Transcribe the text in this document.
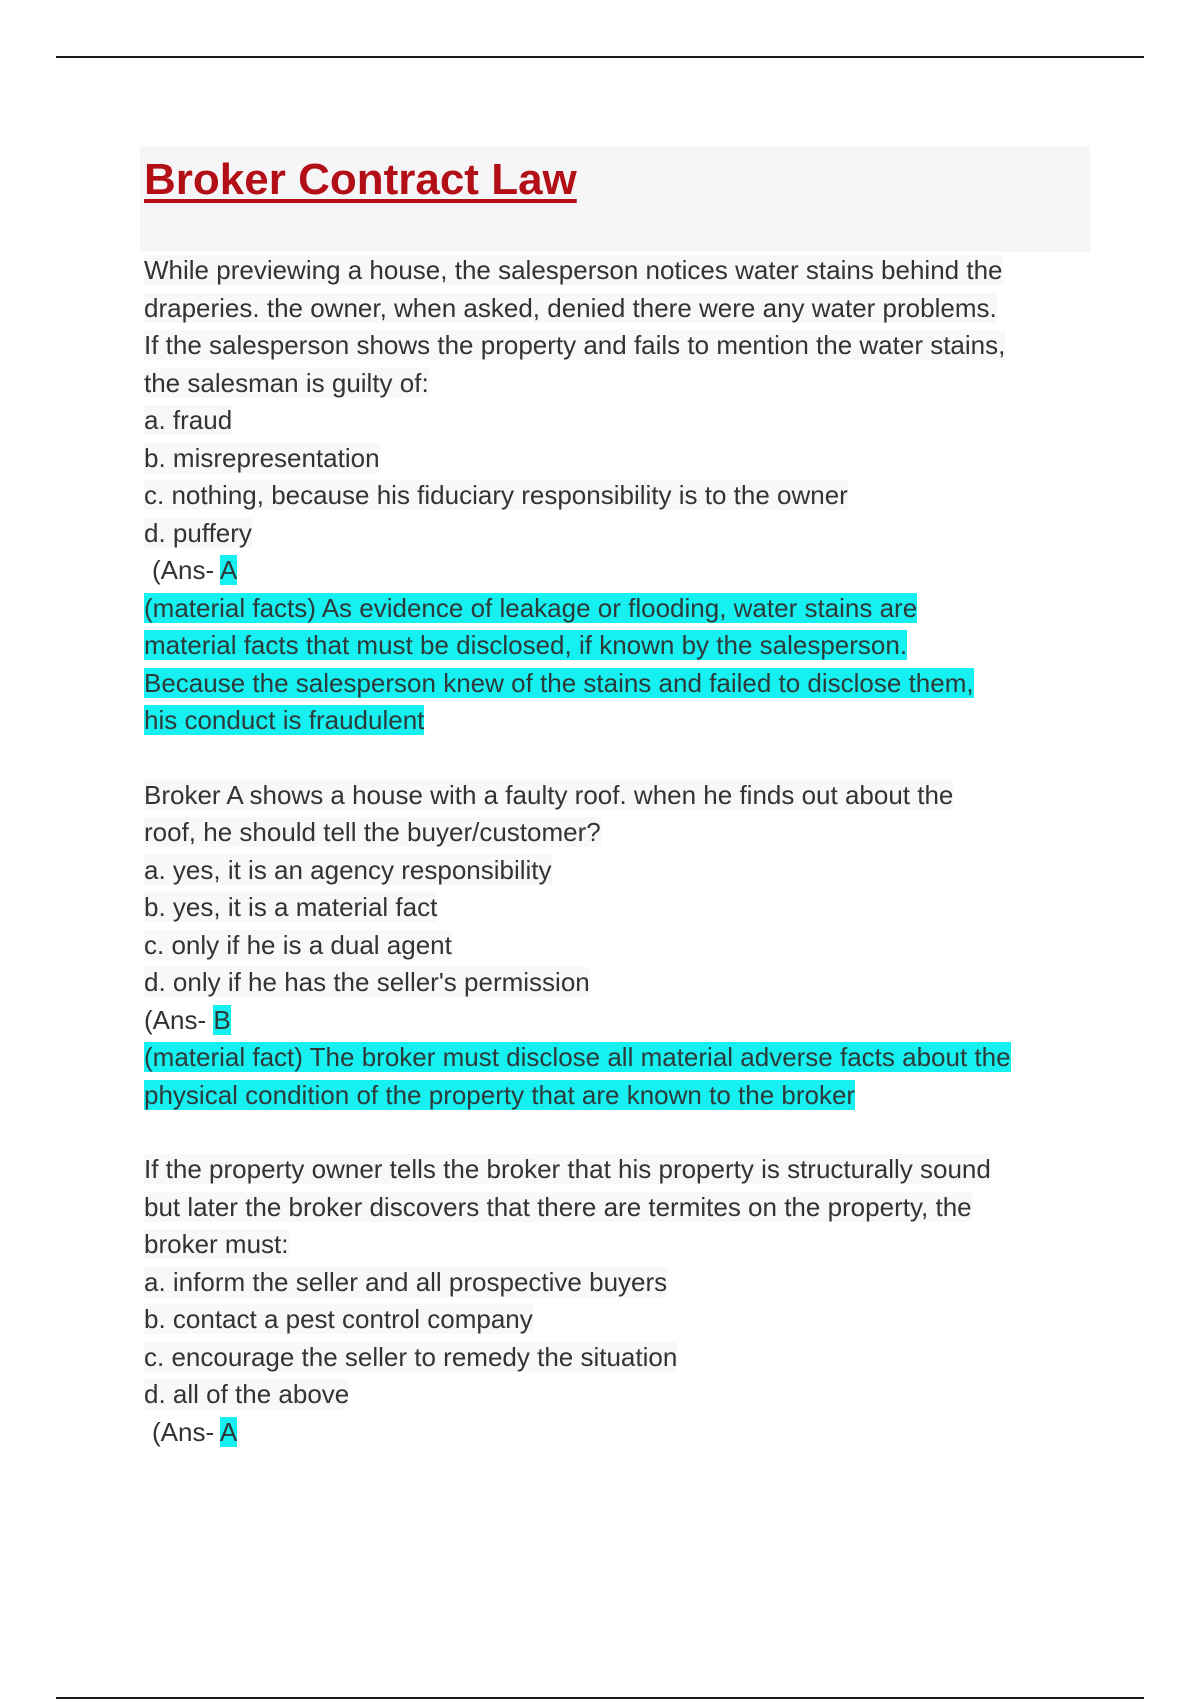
Broker Contract Law
While previewing a house, the salesperson notices water stains behind the
draperies. the owner, when asked, denied there were any water problems.
If the salesperson shows the property and fails to mention the water stains,
the salesman is guilty of:
a. fraud
b. misrepresentation
c. nothing, because his fiduciary responsibility is to the owner
d. puffery
(Ans- A
(material facts) As evidence of leakage or flooding, water stains are
material facts that must be disclosed, if known by the salesperson.
Because the salesperson knew of the stains and failed to disclose them,
his conduct is fraudulent
Broker A shows a house with a faulty roof. when he finds out about the
roof, he should tell the buyer/customer?
a. yes, it is an agency responsibility
b. yes, it is a material fact
c. only if he is a dual agent
d. only if he has the seller's permission
(Ans- B
(material fact) The broker must disclose all material adverse facts about the
physical condition of the property that are known to the broker
If the property owner tells the broker that his property is structurally sound
but later the broker discovers that there are termites on the property, the
broker must:
a. inform the seller and all prospective buyers
b. contact a pest control company
c. encourage the seller to remedy the situation
d. all of the above
(Ans- A
